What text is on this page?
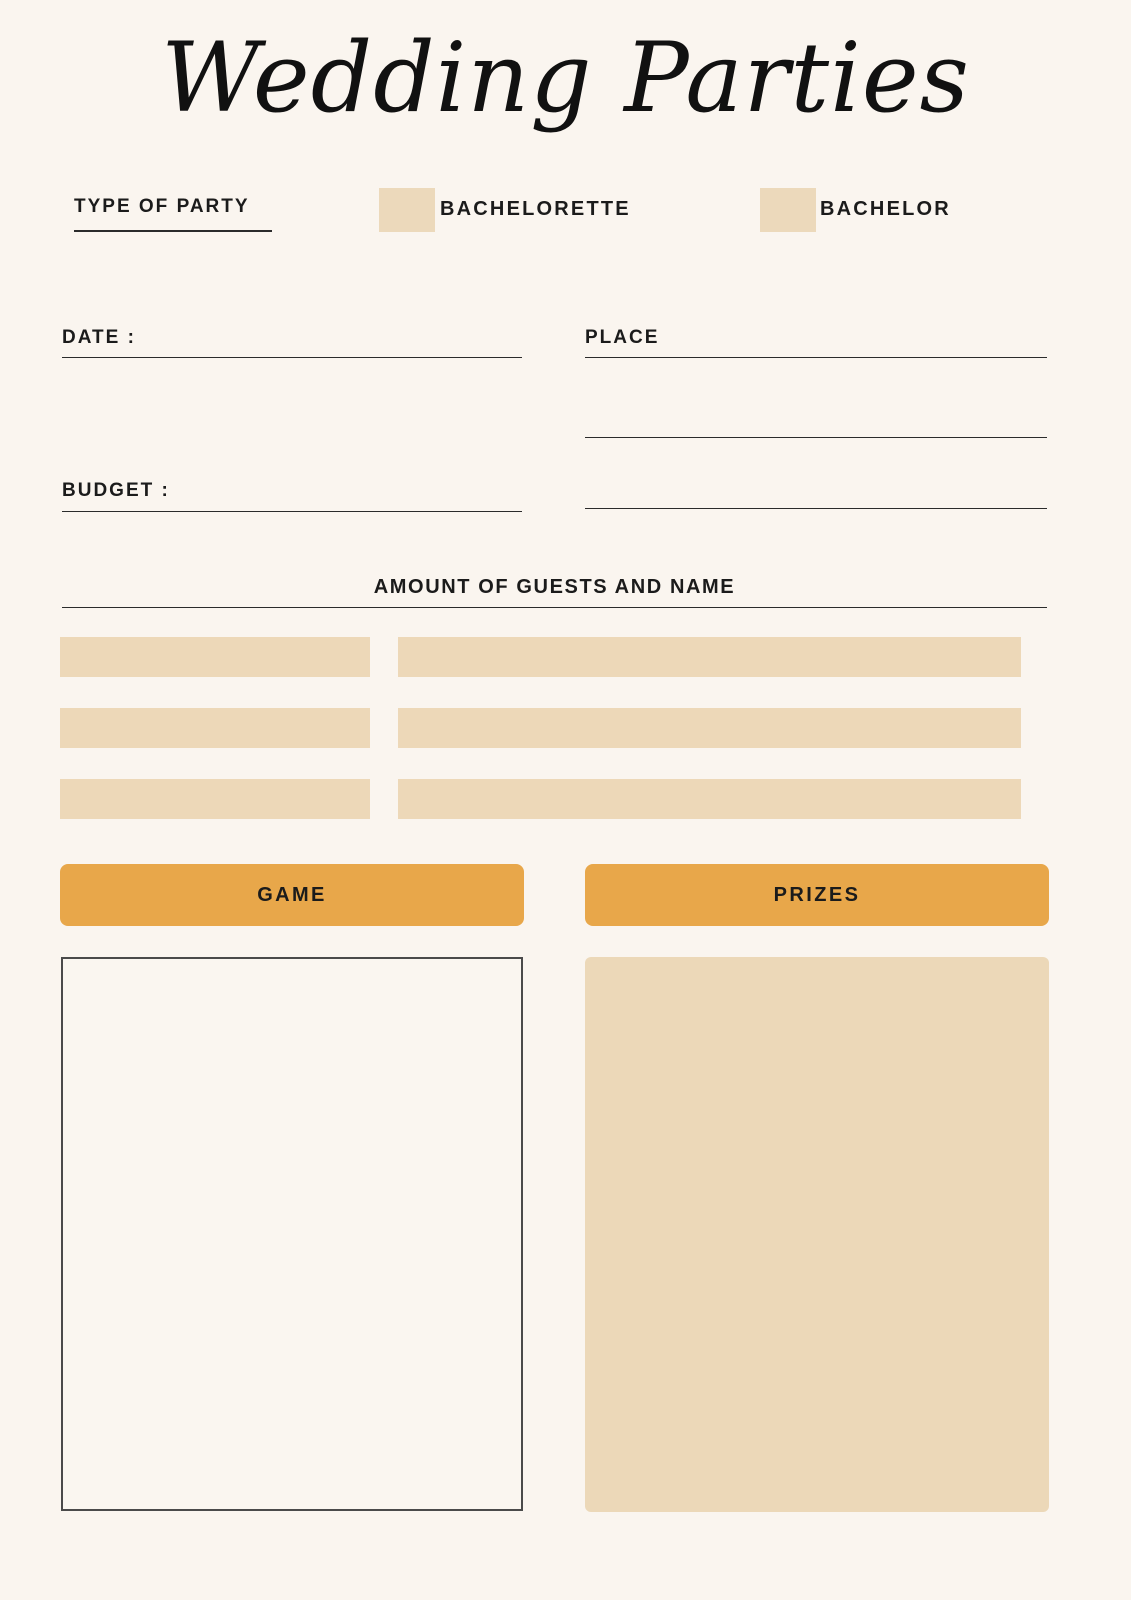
Wedding Parties
TYPE OF PARTY	BACHELORETTE	BACHELOR
DATE :	PLACE
BUDGET :
AMOUNT OF GUESTS AND NAME
GAME	PRIZES
